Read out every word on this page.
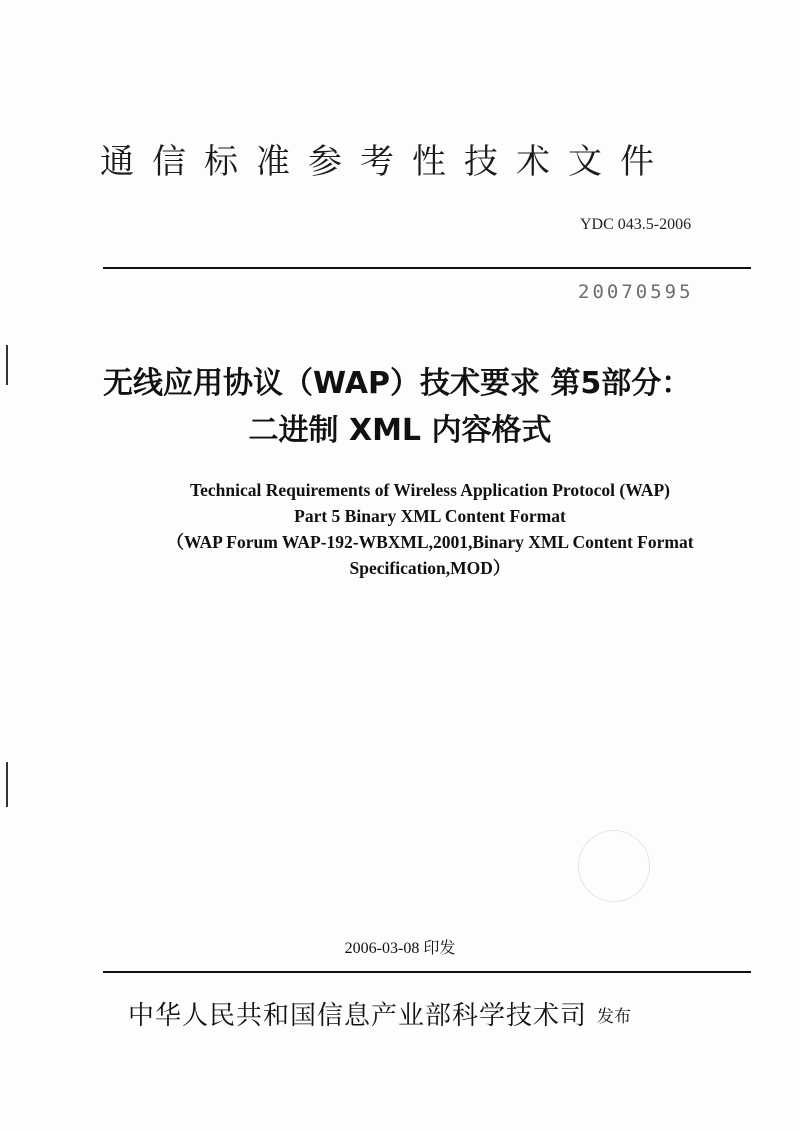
通信标准参考性技术文件
YDC 043.5-2006
20070595
无线应用协议（WAP）技术要求 第5部分：
二进制 XML 内容格式
Technical Requirements of Wireless Application Protocol (WAP)
Part 5 Binary XML Content Format
（WAP Forum WAP-192-WBXML,2001,Binary XML Content Format
Specification,MOD）
2006-03-08 印发
中华人民共和国信息产业部科学技术司 发布
